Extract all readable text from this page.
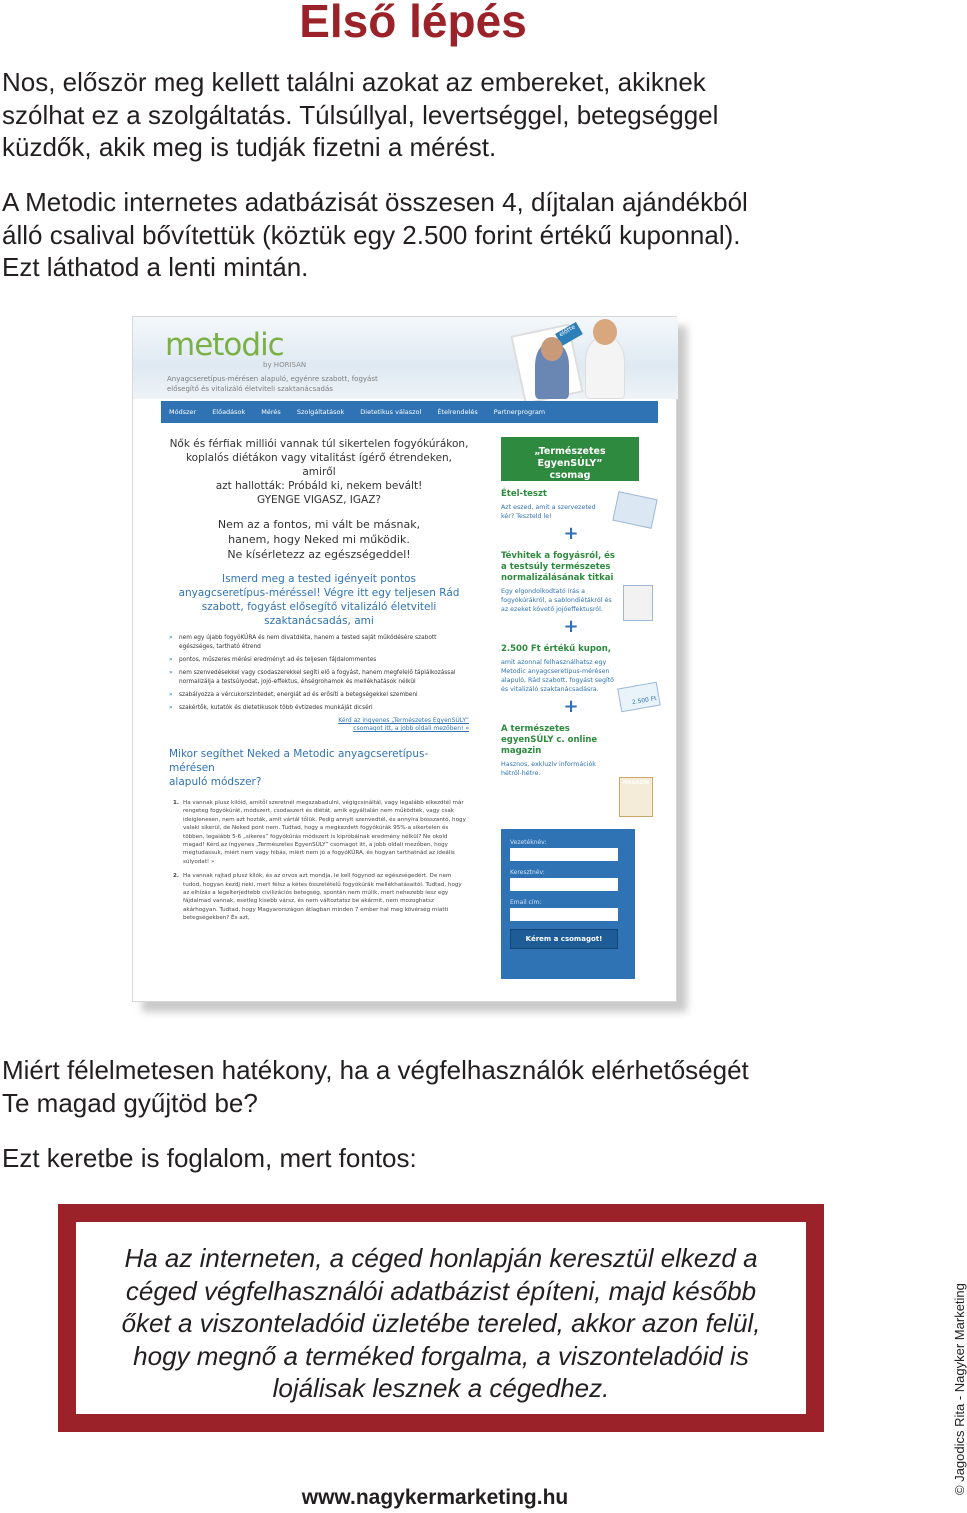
Első lépés
Nos, először meg kellett találni azokat az embereket, akiknek
szólhat ez a szolgáltatás. Túlsúllyal, levertséggel, betegséggel
küzdők, akik meg is tudják fizetni a mérést.
A Metodic internetes adatbázisát összesen 4, díjtalan ajándékból
álló csalival bővítettük (köztük egy 2.500 forint értékű kuponnal).
Ezt láthatod a lenti mintán.
metodic
by HORISAN
Anyagcseretípus-mérésen alapuló, egyénre szabott, fogyást elősegítő és vitalizáló életviteli szaktanácsadás
előtte
Módszer Előadások Mérés Szolgáltatások Dietetikus válaszol Ételrendelés Partnerprogram
Nők és férfiak milliói vannak túl sikertelen fogyókúrákon,
koplalós diétákon vagy vitalitást ígérő étrendeken, amiről
azt hallották: Próbáld ki, nekem bevált!
GYENGE VIGASZ, IGAZ?
Nem az a fontos, mi vált be másnak,
hanem, hogy Neked mi működik.
Ne kísérletezz az egészségeddel!
Ismerd meg a tested igényeit pontos
anyagcseretípus-méréssel! Végre itt egy teljesen Rád
szabott, fogyást elősegítő vitalizáló életviteli
szaktanácsadás, ami
» nem egy újabb fogyóKÚRA és nem divatdiéta, hanem a tested saját működésére szabott egészséges, tartható étrend
» pontos, műszeres mérési eredményt ad és teljesen fájdalommentes
» nem szenvedésekkel vagy csodaszerekkel segíti elő a fogyást, hanem megfelelő táplálkozással normalizálja a testsúlyodat, jojó-effektus, éhségrohamok és mellékhatások nélkül
» szabályozza a vércukorszintedet, energiát ad és erősíti a betegségekkel szembeni
» szakértők, kutatók és dietetikusok több évtizedes munkáját dicséri
Kérd az ingyenes „Természetes EgyenSÚLY”
csomagot itt, a jobb oldali mezőben! »
Mikor segíthet Neked a Metodic anyagcseretípus-mérésen
alapuló módszer?

1. Ha vannak plusz kilóid, amitől szeretnél megszabadulni, végigcsináltál, vagy legalább elkezdtél már rengeteg fogyókúrát, módszert, csodaszert és diétát, amik egyáltalán nem működtek, vagy csak ideiglenesen, nem azt hozták, amit vártál tőlük. Pedig annyit szenvedtél, és annyira bosszantó, hogy valaki sikerül, de Neked pont nem. Tudtad, hogy a megkezdett fogyókúrák 95%-a sikertelen és többen, legalább 5-6 „sikeres” fogyókúrás módszert is kipróbálnak eredmény nélkül? Ne okold magad! Kérd az ingyenes „Természetes EgyenSÚLY” csomagot itt, a jobb oldali mezőben, hogy megtudassuk, miért nem vagy hibás, miért nem jó a fogyóKÚRA, és hogyan tarthatnád az ideális súlyodat! »

2. Ha vannak rajtad plusz kilók, és az orvos azt mondja, le kell fogynod az egészségedért. De nem tudod, hogyan kezdj neki, mert félsz a kétes összetételű fogyókúrák mellékhatásaitól. Tudtad, hogy az elhízás a legelterjedtebb civilizációs betegség, spontán nem múlik, mert nehezebb lesz egy fájdalmad vannak, esetleg kisebb vársz, és nem változtatsz be akármit, nem mozoghatsz akárhogyan. Tudtad, hogy Magyarországon átlagban minden 7 ember hal meg kövérség miatti betegségekben? És azt,

„Természetes EgyenSÚLY”
csomag
Étel-teszt
Azt eszed, amit a szervezeted kér? Teszteld le!
+
Tévhitek a fogyásról, és a testsúly természetes normalizálásának titkai
Egy elgondolkodtató írás a fogyókúrákról, a sablondiétákról és az ezeket követő jojóeffektusról.
+
2.500 Ft értékű kupon,
amit azonnal felhasználhatsz egy Metodic anyagcseretípus-mérésen alapuló, Rád szabott, fogyást segítő és vitalizáló szaktanácsadásra.
+
A természetes egyenSÚLY c. online magazin
Hasznos, exkluzív információk hétről-hétre.
2.500 Ft
MAGAZIN
Vezetéknév:
Keresztnév:
Email cím:
Kérem a csomagot!
Miért félelmetesen hatékony, ha a végfelhasználók elérhetőségét
Te magad gyűjtöd be?
Ezt keretbe is foglalom, mert fontos:
Ha az interneten, a céged honlapján keresztül elkezd a
céged végfelhasználói adatbázist építeni, majd később
őket a viszonteladóid üzletébe tereled, akkor azon felül,
hogy megnő a terméked forgalma, a viszonteladóid is
lojálisak lesznek a cégedhez.
www.nagykermarketing.hu
© Jagodics Rita - Nagyker Marketing
